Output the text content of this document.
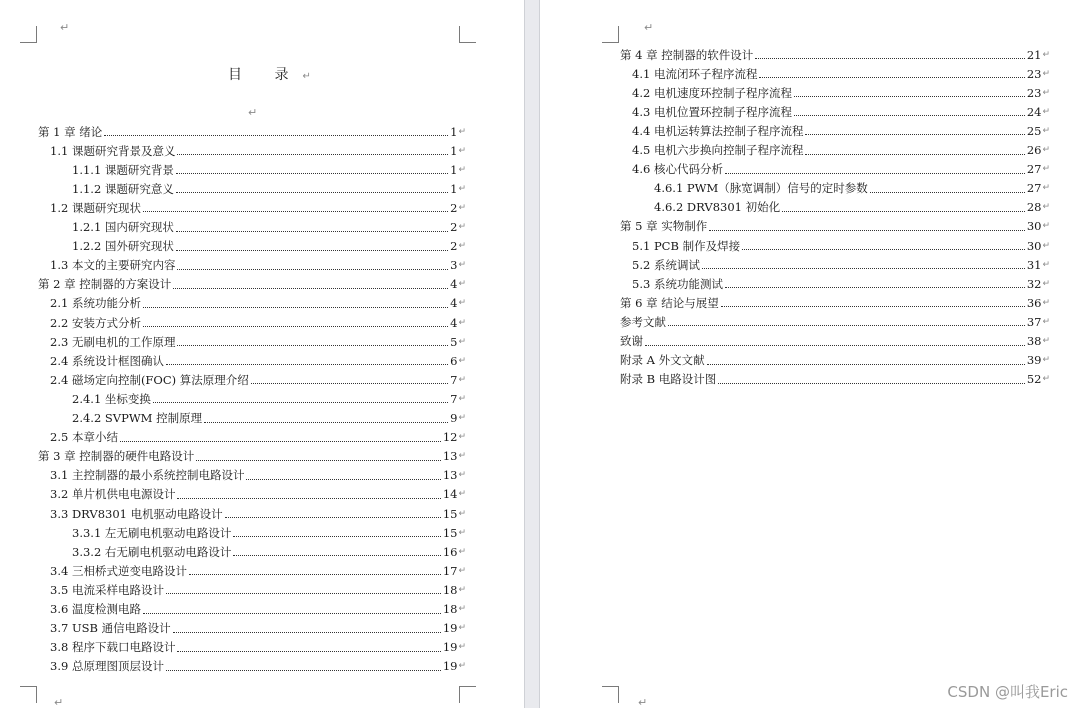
↵
↵
目 录↵
↵
第 1 章 绪论	1 ↵
1.1 课题研究背景及意义	1 ↵
1.1.1 课题研究背景	1 ↵
1.1.2 课题研究意义	1 ↵
1.2 课题研究现状	2 ↵
1.2.1 国内研究现状	2 ↵
1.2.2 国外研究现状	2 ↵
1.3 本文的主要研究内容	3 ↵
第 2 章 控制器的方案设计	4 ↵
2.1 系统功能分析	4 ↵
2.2 安装方式分析	4 ↵
2.3 无刷电机的工作原理	5 ↵
2.4 系统设计框图确认	6 ↵
2.4 磁场定向控制(FOC) 算法原理介绍	7 ↵
2.4.1 坐标变换	7 ↵
2.4.2 SVPWM 控制原理	9 ↵
2.5 本章小结	12 ↵
第 3 章 控制器的硬件电路设计	13 ↵
3.1 主控制器的最小系统控制电路设计	13 ↵
3.2 单片机供电电源设计	14 ↵
3.3 DRV8301 电机驱动电路设计	15 ↵
3.3.1 左无刷电机驱动电路设计	15 ↵
3.3.2 右无刷电机驱动电路设计	16 ↵
3.4 三相桥式逆变电路设计	17 ↵
3.5 电流采样电路设计	18 ↵
3.6 温度检测电路	18 ↵
3.7 USB 通信电路设计	19 ↵
3.8 程序下载口电路设计	19 ↵
3.9 总原理图顶层设计	19 ↵
↵
↵
第 4 章 控制器的软件设计	21 ↵
4.1 电流闭环子程序流程	23 ↵
4.2 电机速度环控制子程序流程	23 ↵
4.3 电机位置环控制子程序流程	24 ↵
4.4 电机运转算法控制子程序流程	25 ↵
4.5 电机六步换向控制子程序流程	26 ↵
4.6 核心代码分析	27 ↵
4.6.1 PWM（脉宽调制）信号的定时参数	27 ↵
4.6.2 DRV8301 初始化	28 ↵
第 5 章 实物制作	30 ↵
5.1 PCB 制作及焊接	30 ↵
5.2 系统调试	31 ↵
5.3 系统功能测试	32 ↵
第 6 章 结论与展望	36 ↵
参考文献	37 ↵
致谢	38 ↵
附录 A 外文文献	39 ↵
附录 B 电路设计图	52 ↵
CSDN @叫我Eric
